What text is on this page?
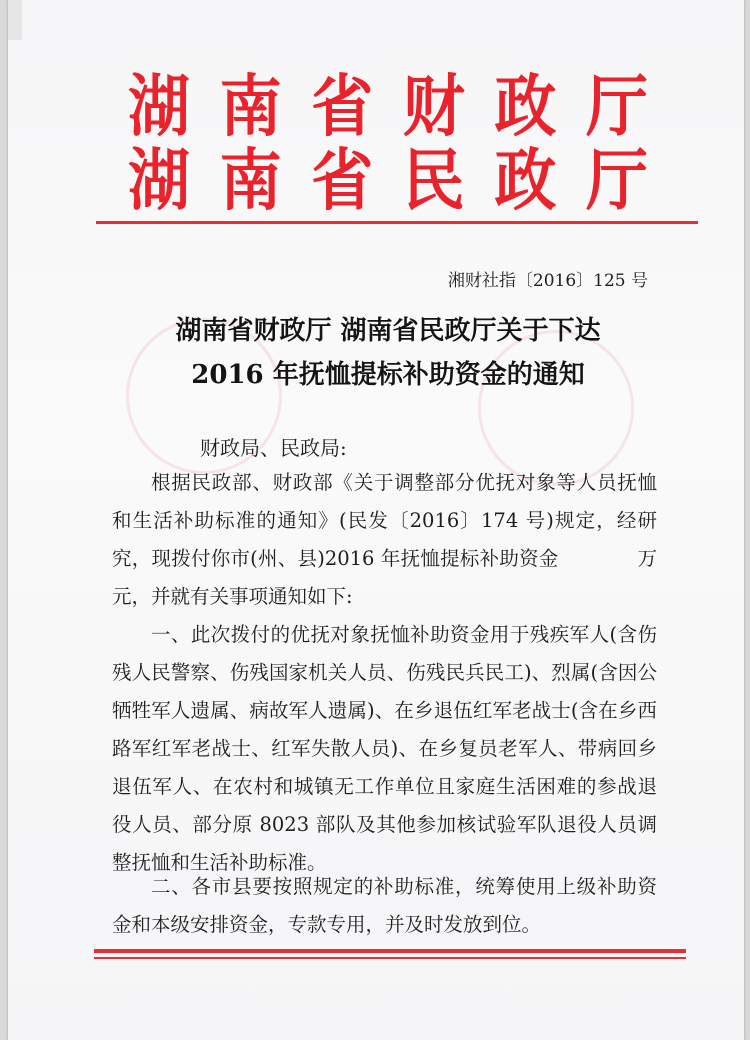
湖 南 省 财 政 厅
湖 南 省 民 政 厅
湘财社指〔2016〕125 号
湖南省财政厅 湖南省民政厅关于下达
2016 年抚恤提标补助资金的通知
财政局、民政局:

根据民政部、财政部《关于调整部分优抚对象等人员抚恤和生活补助标准的通知》(民发〔2016〕174 号)规定，经研究，现拨付你市(州、县)2016 年抚恤提标补助资金　　　　万元，并就有关事项通知如下:

一、此次拨付的优抚对象抚恤补助资金用于残疾军人(含伤残人民警察、伤残国家机关人员、伤残民兵民工)、烈属(含因公牺牲军人遗属、病故军人遗属)、在乡退伍红军老战士(含在乡西路军红军老战士、红军失散人员)、在乡复员老军人、带病回乡退伍军人、在农村和城镇无工作单位且家庭生活困难的参战退役人员、部分原 8023 部队及其他参加核试验军队退役人员调整抚恤和生活补助标准。

二、各市县要按照规定的补助标准，统筹使用上级补助资金和本级安排资金，专款专用，并及时发放到位。
